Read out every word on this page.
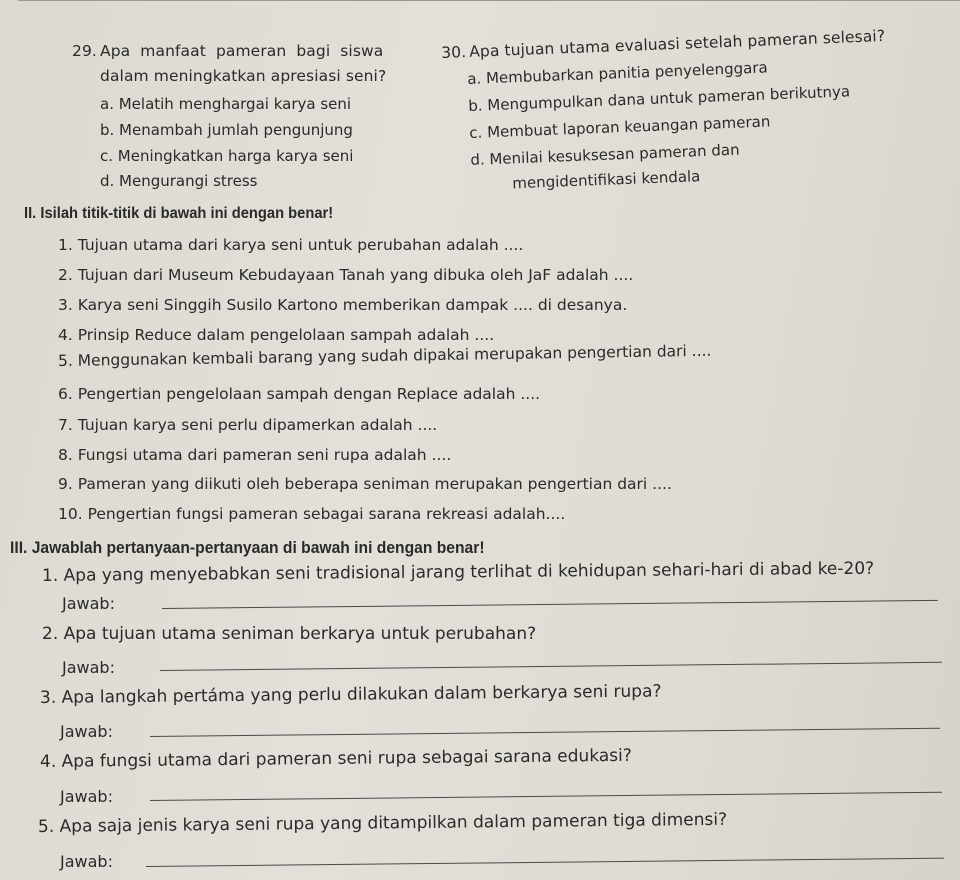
29. Apa manfaat pameran bagi siswa
dalam meningkatkan apresiasi seni?
a. Melatih menghargai karya seni
b. Menambah jumlah pengunjung
c. Meningkatkan harga karya seni
d. Mengurangi stress
30. Apa tujuan utama evaluasi setelah pameran selesai?
a. Membubarkan panitia penyelenggara
b. Mengumpulkan dana untuk pameran berikutnya
c. Membuat laporan keuangan pameran
d. Menilai kesuksesan pameran dan
mengidentifikasi kendala
II. Isilah titik-titik di bawah ini dengan benar!
1. Tujuan utama dari karya seni untuk perubahan adalah ....
2. Tujuan dari Museum Kebudayaan Tanah yang dibuka oleh JaF adalah ....
3. Karya seni Singgih Susilo Kartono memberikan dampak .... di desanya.
4. Prinsip Reduce dalam pengelolaan sampah adalah ....
5. Menggunakan kembali barang yang sudah dipakai merupakan pengertian dari ....
6. Pengertian pengelolaan sampah dengan Replace adalah ....
7. Tujuan karya seni perlu dipamerkan adalah ....
8. Fungsi utama dari pameran seni rupa adalah ....
9. Pameran yang diikuti oleh beberapa seniman merupakan pengertian dari ....
10. Pengertian fungsi pameran sebagai sarana rekreasi adalah....
III. Jawablah pertanyaan-pertanyaan di bawah ini dengan benar!
1. Apa yang menyebabkan seni tradisional jarang terlihat di kehidupan sehari-hari di abad ke-20?
Jawab:
2. Apa tujuan utama seniman berkarya untuk perubahan?
Jawab:
3. Apa langkah pertáma yang perlu dilakukan dalam berkarya seni rupa?
Jawab:
4. Apa fungsi utama dari pameran seni rupa sebagai sarana edukasi?
Jawab:
5. Apa saja jenis karya seni rupa yang ditampilkan dalam pameran tiga dimensi?
Jawab:
